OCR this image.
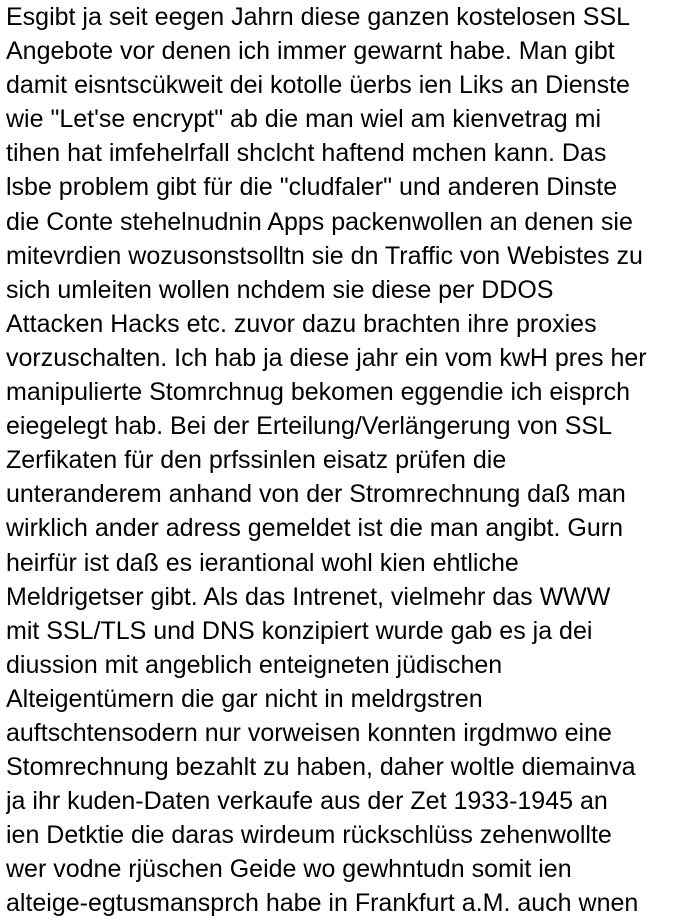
Esgibt ja seit eegen Jahrn diese ganzen kostelosen SSL
Angebote vor denen ich immer gewarnt habe. Man gibt
damit eisntscükweit dei kotolle üerbs ien Liks an Dienste
wie "Let'se encrypt" ab die man wiel am kienvetrag mi
tihen hat imfehelrfall shclcht haftend mchen kann. Das
lsbe problem gibt für die "cludfaler" und anderen Dinste
die Conte stehelnudnin Apps packenwollen an denen sie
mitevrdien wozusonstsolltn sie dn Traffic von Webistes zu
sich umleiten wollen nchdem sie diese per DDOS
Attacken Hacks etc. zuvor dazu brachten ihre proxies
vorzuschalten. Ich hab ja diese jahr ein vom kwH pres her
manipulierte Stomrchnug bekomen eggendie ich eisprch
eiegelegt hab. Bei der Erteilung/Verlängerung von SSL
Zerfikaten für den prfssinlen eisatz prüfen die
unteranderem anhand von der Stromrechnung daß man
wirklich ander adress gemeldet ist die man angibt. Gurn
heirfür ist daß es ierantional wohl kien ehtliche
Meldrigetser gibt. Als das Intrenet, vielmehr das WWW
mit SSL/TLS und DNS konzipiert wurde gab es ja dei
diussion mit angeblich enteigneten jüdischen
Alteigentümern die gar nicht in meldrgstren
auftschtensodern nur vorweisen konnten irgdmwo eine
Stomrechnung bezahlt zu haben, daher woltle diemainva
ja ihr kuden-Daten verkaufe aus der Zet 1933-1945 an
ien Detktie die daras wirdeum rückschlüss zehenwollte
wer vodne rjüschen Geide wo gewhntudn somit ien
alteige-egtusmansprch habe in Frankfurt a.M. auch wnen
